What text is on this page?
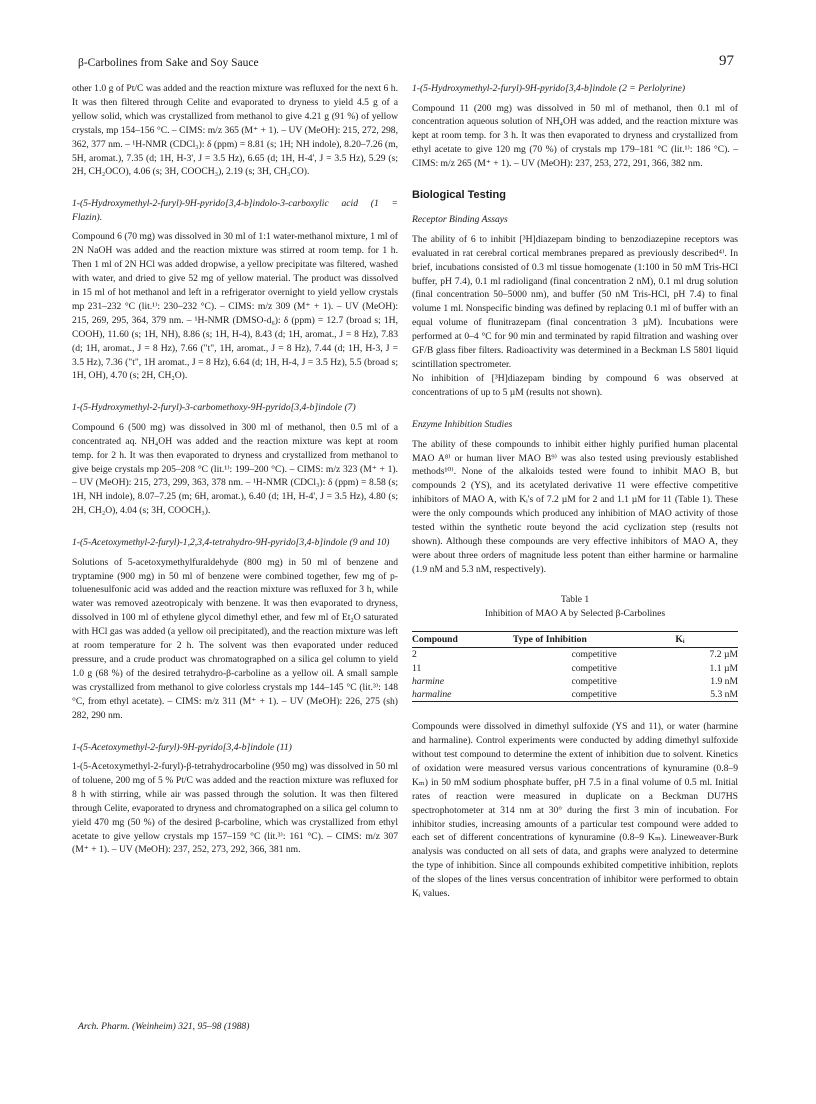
β-Carbolines from Sake and Soy Sauce	97

other 1.0 g of Pt/C was added and the reaction mixture was refluxed for the next 6 h. It was then filtered through Celite and evaporated to dryness to yield 4.5 g of a yellow solid, which was crystallized from methanol to give 4.21 g (91 %) of yellow crystals, mp 154–156 °C. – CIMS: m/z 365 (M⁺ + 1). – UV (MeOH): 215, 272, 298, 362, 377 nm. – ¹H-NMR (CDCl₃): δ (ppm) = 8.81 (s; 1H; NH indole), 8.20–7.26 (m, 5H, aromat.), 7.35 (d; 1H, H-3', J = 3.5 Hz), 6.65 (d; 1H, H-4', J = 3.5 Hz), 5.29 (s; 2H, CH₂OCO), 4.06 (s; 3H, COOCH₃), 2.19 (s; 3H, CH₃CO).

1-(5-Hydroxymethyl-2-furyl)-9H-pyrido[3,4-b]indolo-3-carboxylic acid (1 = Flazin).

Compound 6 (70 mg) was dissolved in 30 ml of 1:1 water-methanol mixture, 1 ml of 2N NaOH was added and the reaction mixture was stirred at room temp. for 1 h. Then 1 ml of 2N HCl was added dropwise, a yellow precipitate was filtered, washed with water, and dried to give 52 mg of yellow material. The product was dissolved in 15 ml of hot methanol and left in a refrigerator overnight to yield yellow crystals mp 231–232 °C (lit.¹⁾: 230–232 °C). – CIMS: m/z 309 (M⁺ + 1). – UV (MeOH): 215, 269, 295, 364, 379 nm. – ¹H-NMR (DMSO-d₆): δ (ppm) = 12.7 (broad s; 1H, COOH), 11.60 (s; 1H, NH), 8.86 (s; 1H, H-4), 8.43 (d; 1H, aromat., J = 8 Hz), 7.83 (d; 1H, aromat., J = 8 Hz), 7.66 ("t", 1H, aromat., J = 8 Hz), 7.44 (d; 1H, H-3, J = 3.5 Hz), 7.36 ("t", 1H aromat., J = 8 Hz), 6.64 (d; 1H, H-4, J = 3.5 Hz), 5.5 (broad s; 1H, OH), 4.70 (s; 2H, CH₂O).

1-(5-Hydroxymethyl-2-furyl)-3-carbomethoxy-9H-pyrido[3,4-b]indole (7)

Compound 6 (500 mg) was dissolved in 300 ml of methanol, then 0.5 ml of a concentrated aq. NH₄OH was added and the reaction mixture was kept at room temp. for 2 h. It was then evaporated to dryness and crystallized from methanol to give beige crystals mp 205–208 °C (lit.¹⁾: 199–200 °C). – CIMS: m/z 323 (M⁺ + 1). – UV (MeOH): 215, 273, 299, 363, 378 nm. – ¹H-NMR (CDCl₃): δ (ppm) = 8.58 (s; 1H, NH indole), 8.07–7.25 (m; 6H, aromat.), 6.40 (d; 1H, H-4', J = 3.5 Hz), 4.80 (s; 2H, CH₂O), 4.04 (s; 3H, COOCH₃).

1-(5-Acetoxymethyl-2-furyl)-1,2,3,4-tetrahydro-9H-pyrido[3,4-b]indole (9 and 10)

Solutions of 5-acetoxymethylfuraldehyde (800 mg) in 50 ml of benzene and tryptamine (900 mg) in 50 ml of benzene were combined together, few mg of p-toluenesulfonic acid was added and the reaction mixture was refluxed for 3 h, while water was removed azeotropicaly with benzene. It was then evaporated to dryness, dissolved in 100 ml of ethylene glycol dimethyl ether, and few ml of Et₂O saturated with HCl gas was added (a yellow oil precipitated), and the reaction mixture was left at room temperature for 2 h. The solvent was then evaporated under reduced pressure, and a crude product was chromatographed on a silica gel column to yield 1.0 g (68 %) of the desired tetrahydro-β-carboline as a yellow oil. A small sample was crystallized from methanol to give colorless crystals mp 144–145 °C (lit.³⁾: 148 °C, from ethyl acetate). – CIMS: m/z 311 (M⁺ + 1). – UV (MeOH): 226, 275 (sh) 282, 290 nm.

1-(5-Acetoxymethyl-2-furyl)-9H-pyrido[3,4-b]indole (11)

1-(5-Acetoxymethyl-2-furyl)-β-tetrahydrocarboline (950 mg) was dissolved in 50 ml of toluene, 200 mg of 5 % Pt/C was added and the reaction mixture was refluxed for 8 h with stirring, while air was passed through the solution. It was then filtered through Celite, evaporated to dryness and chromatographed on a silica gel column to yield 470 mg (50 %) of the desired β-carboline, which was crystallized from ethyl acetate to give yellow crystals mp 157–159 °C (lit.³⁾: 161 °C). – CIMS: m/z 307 (M⁺ + 1). – UV (MeOH): 237, 252, 273, 292, 366, 381 nm.

1-(5-Hydroxymethyl-2-furyl)-9H-pyrido[3,4-b]indole (2 = Perlolyrine)

Compound 11 (200 mg) was dissolved in 50 ml of methanol, then 0.1 ml of concentration aqueous solution of NH₄OH was added, and the reaction mixture was kept at room temp. for 3 h. It was then evaporated to dryness and crystallized from ethyl acetate to give 120 mg (70 %) of crystals mp 179–181 °C (lit.¹⁾: 186 °C). – CIMS: m/z 265 (M⁺ + 1). – UV (MeOH): 237, 253, 272, 291, 366, 382 nm.

Biological Testing

Receptor Binding Assays

The ability of 6 to inhibit [³H]diazepam binding to benzodiazepine receptors was evaluated in rat cerebral cortical membranes prepared as previously described⁴⁾. In brief, incubations consisted of 0.3 ml tissue homogenate (1:100 in 50 mM Tris-HCl buffer, pH 7.4), 0.1 ml radioligand (final concentration 2 nM), 0.1 ml drug solution (final concentration 50–5000 nm), and buffer (50 nM Tris-HCl, pH 7.4) to final volume 1 ml. Nonspecific binding was defined by replacing 0.1 ml of buffer with an equal volume of flunitrazepam (final concentration 3 µM). Incubations were performed at 0–4 °C for 90 min and terminated by rapid filtration and washing over GF/B glass fiber filters. Radioactivity was determined in a Beckman LS 5801 liquid scintillation spectrometer.

No inhibition of [³H]diazepam binding by compound 6 was observed at concentrations of up to 5 µM (results not shown).

Enzyme Inhibition Studies

The ability of these compounds to inhibit either highly purified human placental MAO A⁸⁾ or human liver MAO B⁹⁾ was also tested using previously established methods¹⁰⁾. None of the alkaloids tested were found to inhibit MAO B, but compounds 2 (YS), and its acetylated derivative 11 were effective competitive inhibitors of MAO A, with Kᵢ's of 7.2 µM for 2 and 1.1 µM for 11 (Table 1). These were the only compounds which produced any inhibition of MAO activity of those tested within the synthetic route beyond the acid cyclization step (results not shown). Although these compounds are very effective inhibitors of MAO A, they were about three orders of magnitude less potent than either harmine or harmaline (1.9 nM and 5.3 nM, respectively).

Table 1
Inhibition of MAO A by Selected β-Carbolines
Compound	Type of Inhibition	Kᵢ
2	competitive	7.2 µM
11	competitive	1.1 µM
harmine	competitive	1.9 nM
harmaline	competitive	5.3 nM

Compounds were dissolved in dimethyl sulfoxide (YS and 11), or water (harmine and harmaline). Control experiments were conducted by adding dimethyl sulfoxide without test compound to determine the extent of inhibition due to solvent. Kinetics of oxidation were measured versus various concentrations of kynuramine (0.8–9 Kₘ) in 50 mM sodium phosphate buffer, pH 7.5 in a final volume of 0.5 ml. Initial rates of reaction were measured in duplicate on a Beckman DU7HS spectrophotometer at 314 nm at 30° during the first 3 min of incubation. For inhibitor studies, increasing amounts of a particular test compound were added to each set of different concentrations of kynuramine (0.8–9 Kₘ). Lineweaver-Burk analysis was conducted on all sets of data, and graphs were analyzed to determine the type of inhibition. Since all compounds exhibited competitive inhibition, replots of the slopes of the lines versus concentration of inhibitor were performed to obtain Kᵢ values.

Arch. Pharm. (Weinheim) 321, 95–98 (1988)
